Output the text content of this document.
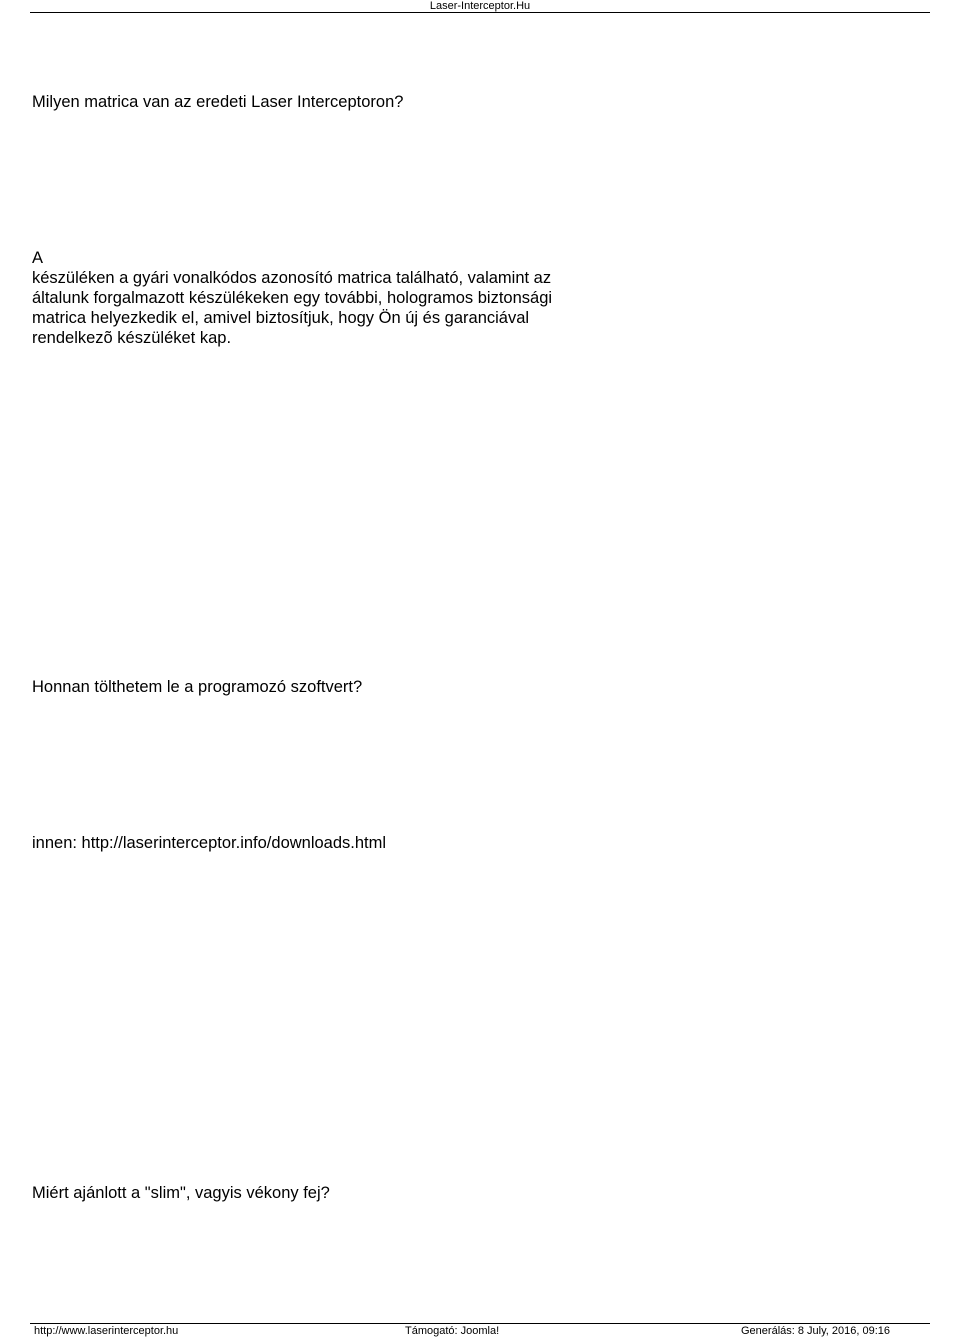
Laser-Interceptor.Hu
Milyen matrica van az eredeti Laser Interceptoron?
A
készüléken a gyári vonalkódos azonosító matrica található, valamint az
általunk forgalmazott készülékeken egy további, hologramos biztonsági
matrica helyezkedik el, amivel biztosítjuk, hogy Ön új és garanciával
rendelkezõ készüléket kap.
Honnan tölthetem le a programozó szoftvert?
innen: http://laserinterceptor.info/downloads.html
Miért ajánlott a "slim", vagyis vékony fej?
http://www.laserinterceptor.hu	Támogató: Joomla!	Generálás: 8 July, 2016, 09:16
